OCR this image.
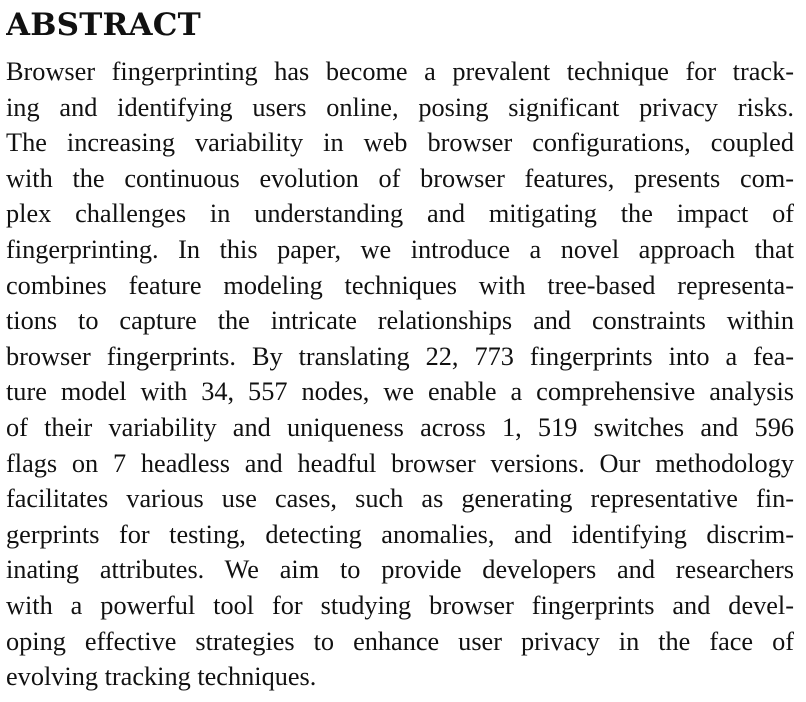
ABSTRACT
Browser fingerprinting has become a prevalent technique for track-
ing and identifying users online, posing significant privacy risks.
The increasing variability in web browser configurations, coupled
with the continuous evolution of browser features, presents com-
plex challenges in understanding and mitigating the impact of
fingerprinting. In this paper, we introduce a novel approach that
combines feature modeling techniques with tree-based representa-
tions to capture the intricate relationships and constraints within
browser fingerprints. By translating 22, 773 fingerprints into a fea-
ture model with 34, 557 nodes, we enable a comprehensive analysis
of their variability and uniqueness across 1, 519 switches and 596
flags on 7 headless and headful browser versions. Our methodology
facilitates various use cases, such as generating representative fin-
gerprints for testing, detecting anomalies, and identifying discrim-
inating attributes. We aim to provide developers and researchers
with a powerful tool for studying browser fingerprints and devel-
oping effective strategies to enhance user privacy in the face of
evolving tracking techniques.
